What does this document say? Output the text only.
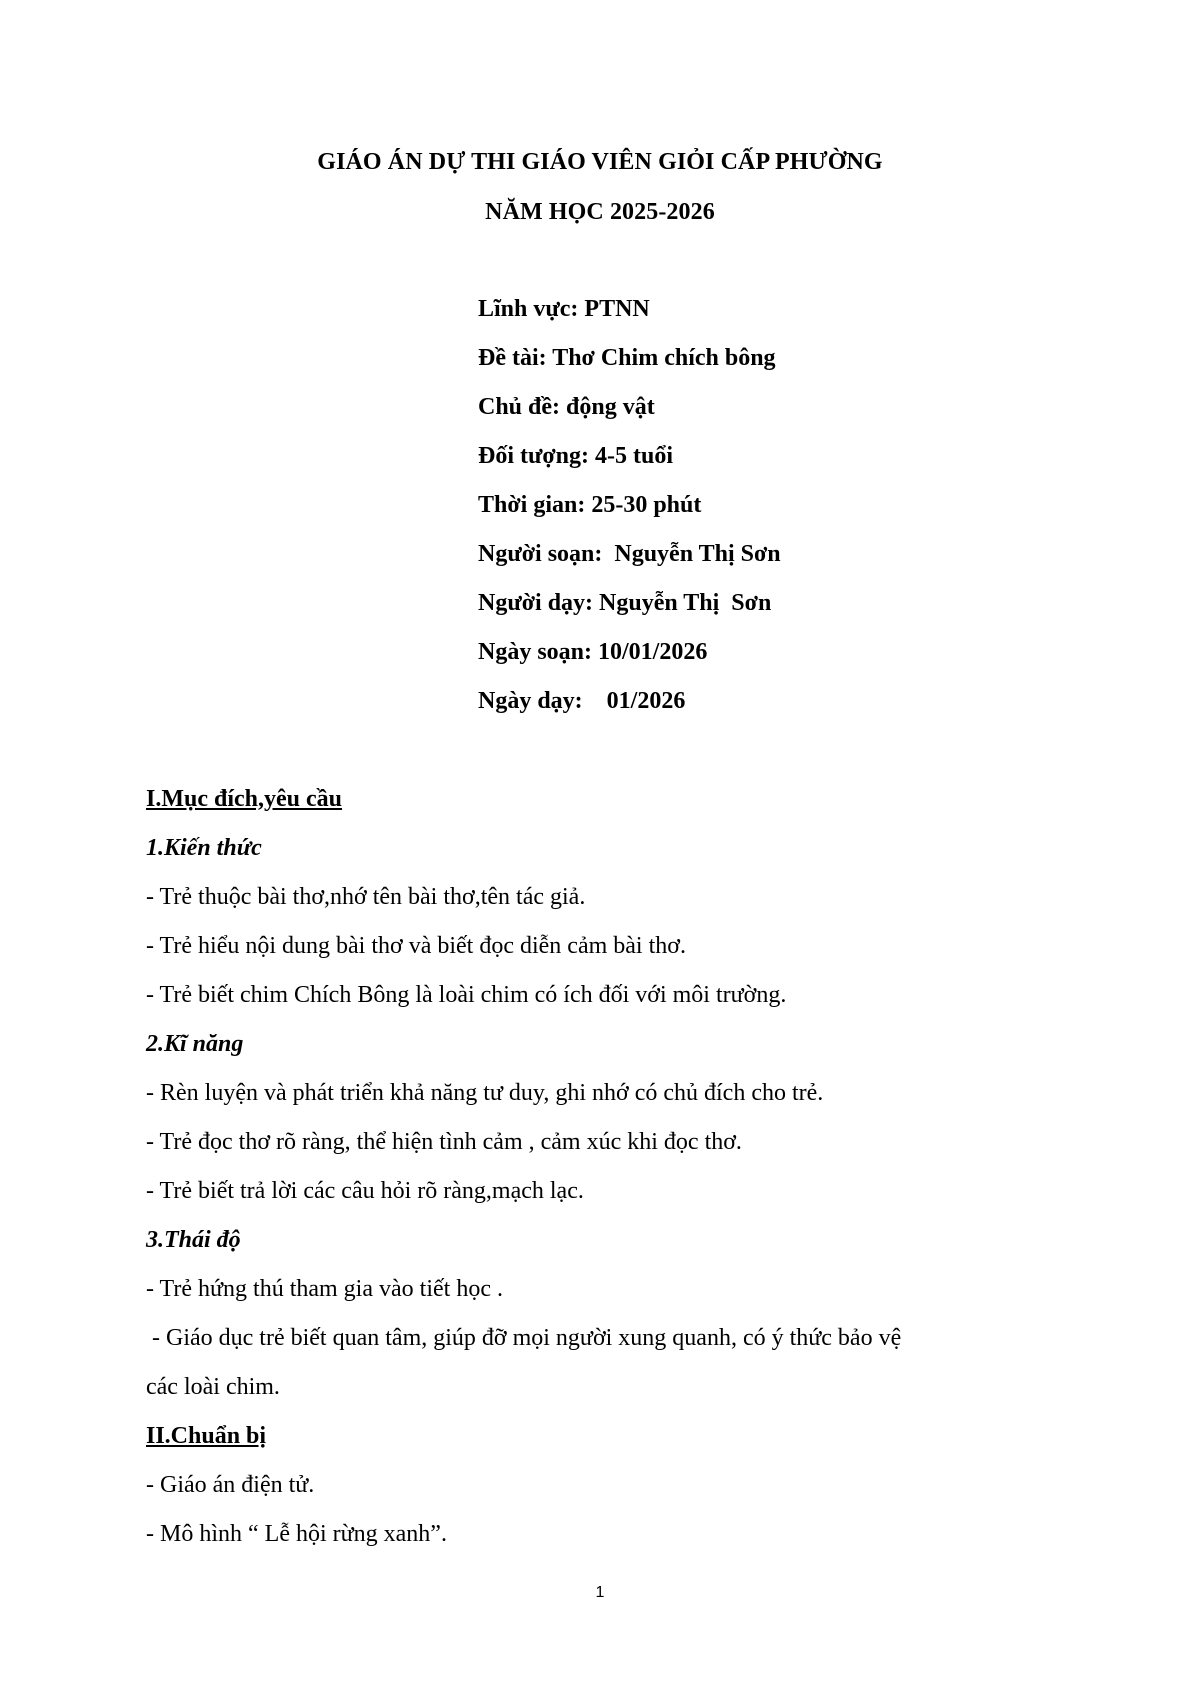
GIÁO ÁN DỰ THI GIÁO VIÊN GIỎI CẤP PHƯỜNG
NĂM HỌC 2025-2026
Lĩnh vực: PTNN
Đề tài: Thơ Chim chích bông
Chủ đề: động vật
Đối tượng: 4-5 tuổi
Thời gian: 25-30 phút
Người soạn:  Nguyễn Thị Sơn
Người dạy: Nguyễn Thị  Sơn
Ngày soạn: 10/01/2026
Ngày dạy:    01/2026
I.Mục đích,yêu cầu
1.Kiến thức
- Trẻ thuộc bài thơ,nhớ tên bài thơ,tên tác giả.
- Trẻ hiểu nội dung bài thơ và biết đọc diễn cảm bài thơ.
- Trẻ biết chim Chích Bông là loài chim có ích đối với môi trường.
2.Kĩ năng
- Rèn luyện và phát triển khả năng tư duy, ghi nhớ có chủ đích cho trẻ.
- Trẻ đọc thơ rõ ràng, thể hiện tình cảm , cảm xúc khi đọc thơ.
- Trẻ biết trả lời các câu hỏi rõ ràng,mạch lạc.
3.Thái độ
- Trẻ hứng thú tham gia vào tiết học .
- Giáo dục trẻ biết quan tâm, giúp đỡ mọi người xung quanh, có ý thức bảo vệ
các loài chim.
II.Chuẩn bị
- Giáo án điện tử.
- Mô hình “ Lễ hội rừng xanh”.
1
